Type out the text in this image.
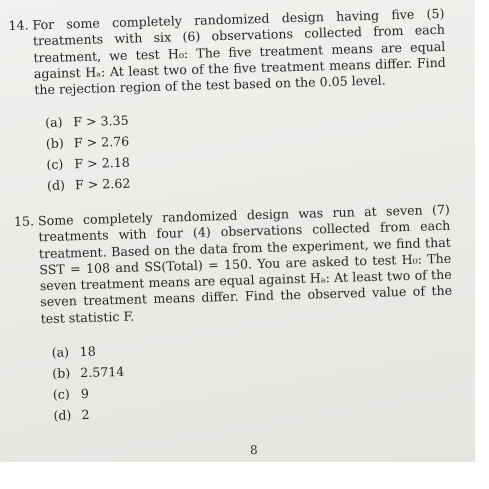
14. For some completely randomized design having five (5) treatments with six (6) observations collected from each treatment, we test H₀: The five treatment means are equal against Hₐ: At least two of the five treatment means differ. Find the rejection region of the test based on the 0.05 level.
(a) F > 3.35
(b) F > 2.76
(c) F > 2.18
(d) F > 2.62
15. Some completely randomized design was run at seven (7) treatments with four (4) observations collected from each treatment. Based on the data from the experiment, we find that SST = 108 and SS(Total) = 150. You are asked to test H₀: The seven treatment means are equal against Hₐ: At least two of the seven treatment means differ. Find the observed value of the test statistic F.
(a) 18
(b) 2.5714
(c) 9
(d) 2
8
